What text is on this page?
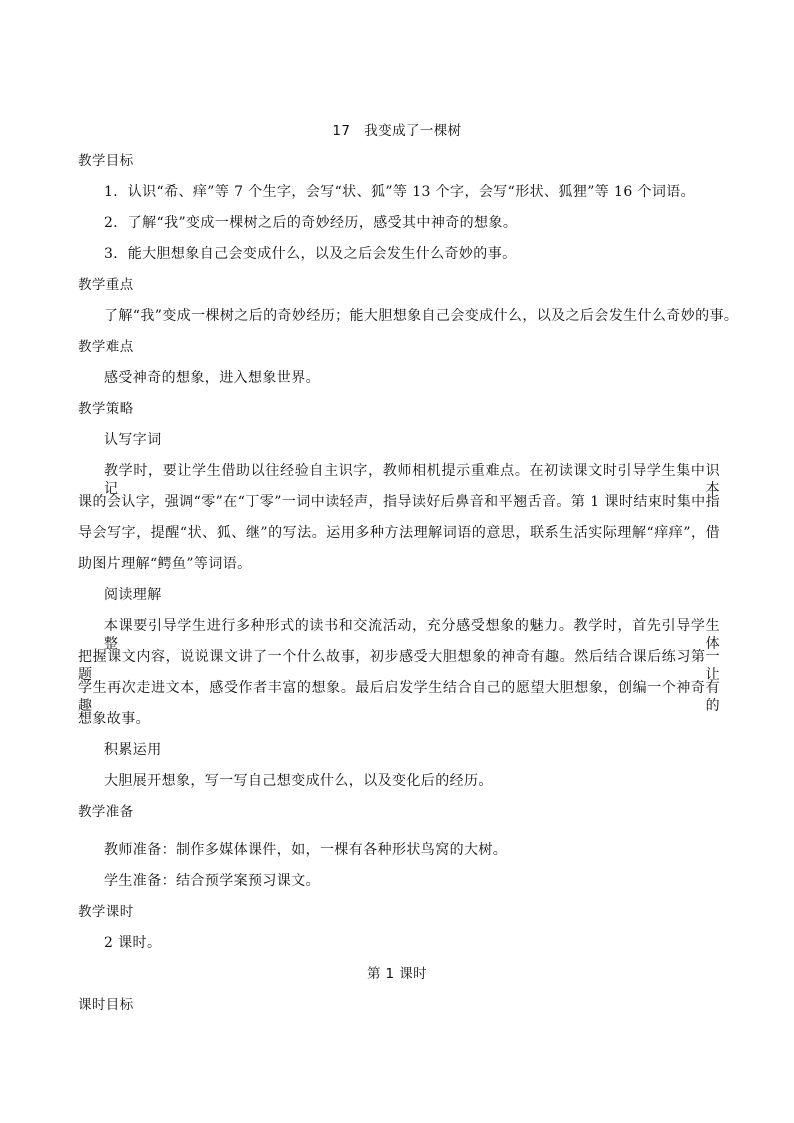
17　我变成了一棵树
教学目标
1．认识“希、痒”等 7 个生字，会写“状、狐”等 13 个字，会写“形状、狐狸”等 16 个词语。
2．了解“我”变成一棵树之后的奇妙经历，感受其中神奇的想象。
3．能大胆想象自己会变成什么，以及之后会发生什么奇妙的事。
教学重点
了解“我”变成一棵树之后的奇妙经历；能大胆想象自己会变成什么，以及之后会发生什么奇妙的事。
教学难点
感受神奇的想象，进入想象世界。
教学策略
认写字词
教学时，要让学生借助以往经验自主识字，教师相机提示重难点。在初读课文时引导学生集中识记本
课的会认字，强调“零”在“丁零”一词中读轻声，指导读好后鼻音和平翘舌音。第 1 课时结束时集中指
导会写字，提醒“状、狐、继”的写法。运用多种方法理解词语的意思，联系生活实际理解“痒痒”，借
助图片理解“鳄鱼”等词语。
阅读理解
本课要引导学生进行多种形式的读书和交流活动，充分感受想象的魅力。教学时，首先引导学生整体
把握课文内容，说说课文讲了一个什么故事，初步感受大胆想象的神奇有趣。然后结合课后练习第一题让
学生再次走进文本，感受作者丰富的想象。最后启发学生结合自己的愿望大胆想象，创编一个神奇有趣的
想象故事。
积累运用
大胆展开想象，写一写自己想变成什么，以及变化后的经历。
教学准备
教师准备：制作多媒体课件，如，一棵有各种形状鸟窝的大树。
学生准备：结合预学案预习课文。
教学课时
2 课时。
第 1 课时
课时目标
